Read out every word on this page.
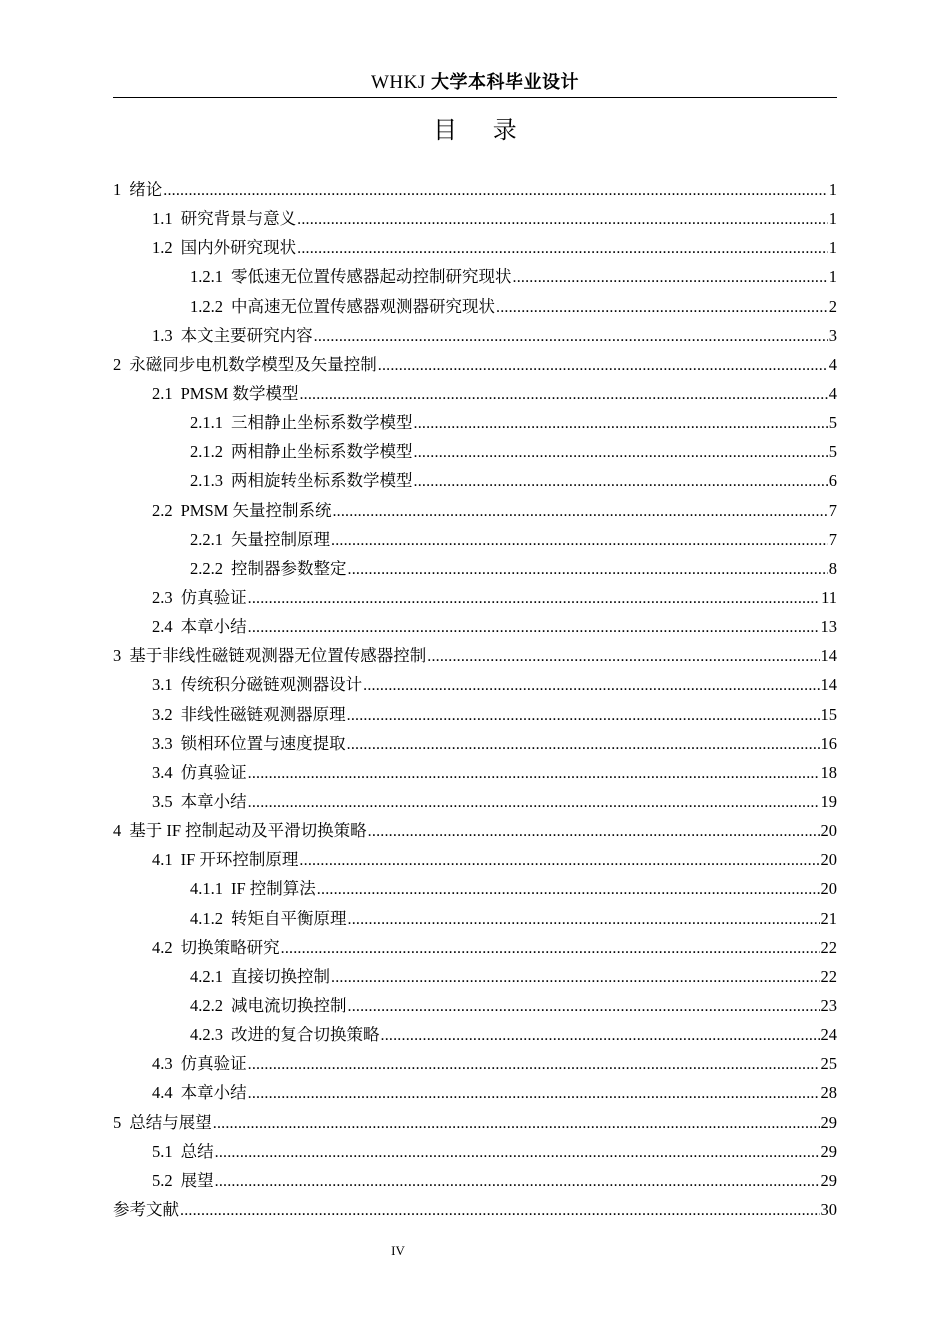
WHKJ 大学本科毕业设计
目 录
1 绪论 .....	1
1.1 研究背景与意义 .....	1
1.2 国内外研究现状 .....	1
1.2.1 零低速无位置传感器起动控制研究现状 .....	1
1.2.2 中高速无位置传感器观测器研究现状 .....	2
1.3 本文主要研究内容 .....	3
2 永磁同步电机数学模型及矢量控制 .....	4
2.1 PMSM 数学模型 .....	4
2.1.1 三相静止坐标系数学模型 .....	5
2.1.2 两相静止坐标系数学模型 .....	5
2.1.3 两相旋转坐标系数学模型 .....	6
2.2 PMSM 矢量控制系统 .....	7
2.2.1 矢量控制原理 .....	7
2.2.2 控制器参数整定 .....	8
2.3 仿真验证 .....	11
2.4 本章小结 .....	13
3 基于非线性磁链观测器无位置传感器控制 .....	14
3.1 传统积分磁链观测器设计 .....	14
3.2 非线性磁链观测器原理 .....	15
3.3 锁相环位置与速度提取 .....	16
3.4 仿真验证 .....	18
3.5 本章小结 .....	19
4 基于 IF 控制起动及平滑切换策略 .....	20
4.1 IF 开环控制原理 .....	20
4.1.1 IF 控制算法 .....	20
4.1.2 转矩自平衡原理 .....	21
4.2 切换策略研究 .....	22
4.2.1 直接切换控制 .....	22
4.2.2 减电流切换控制 .....	23
4.2.3 改进的复合切换策略 .....	24
4.3 仿真验证 .....	25
4.4 本章小结 .....	28
5 总结与展望 .....	29
5.1 总结 .....	29
5.2 展望 .....	29
参考文献 .....	30
IV
